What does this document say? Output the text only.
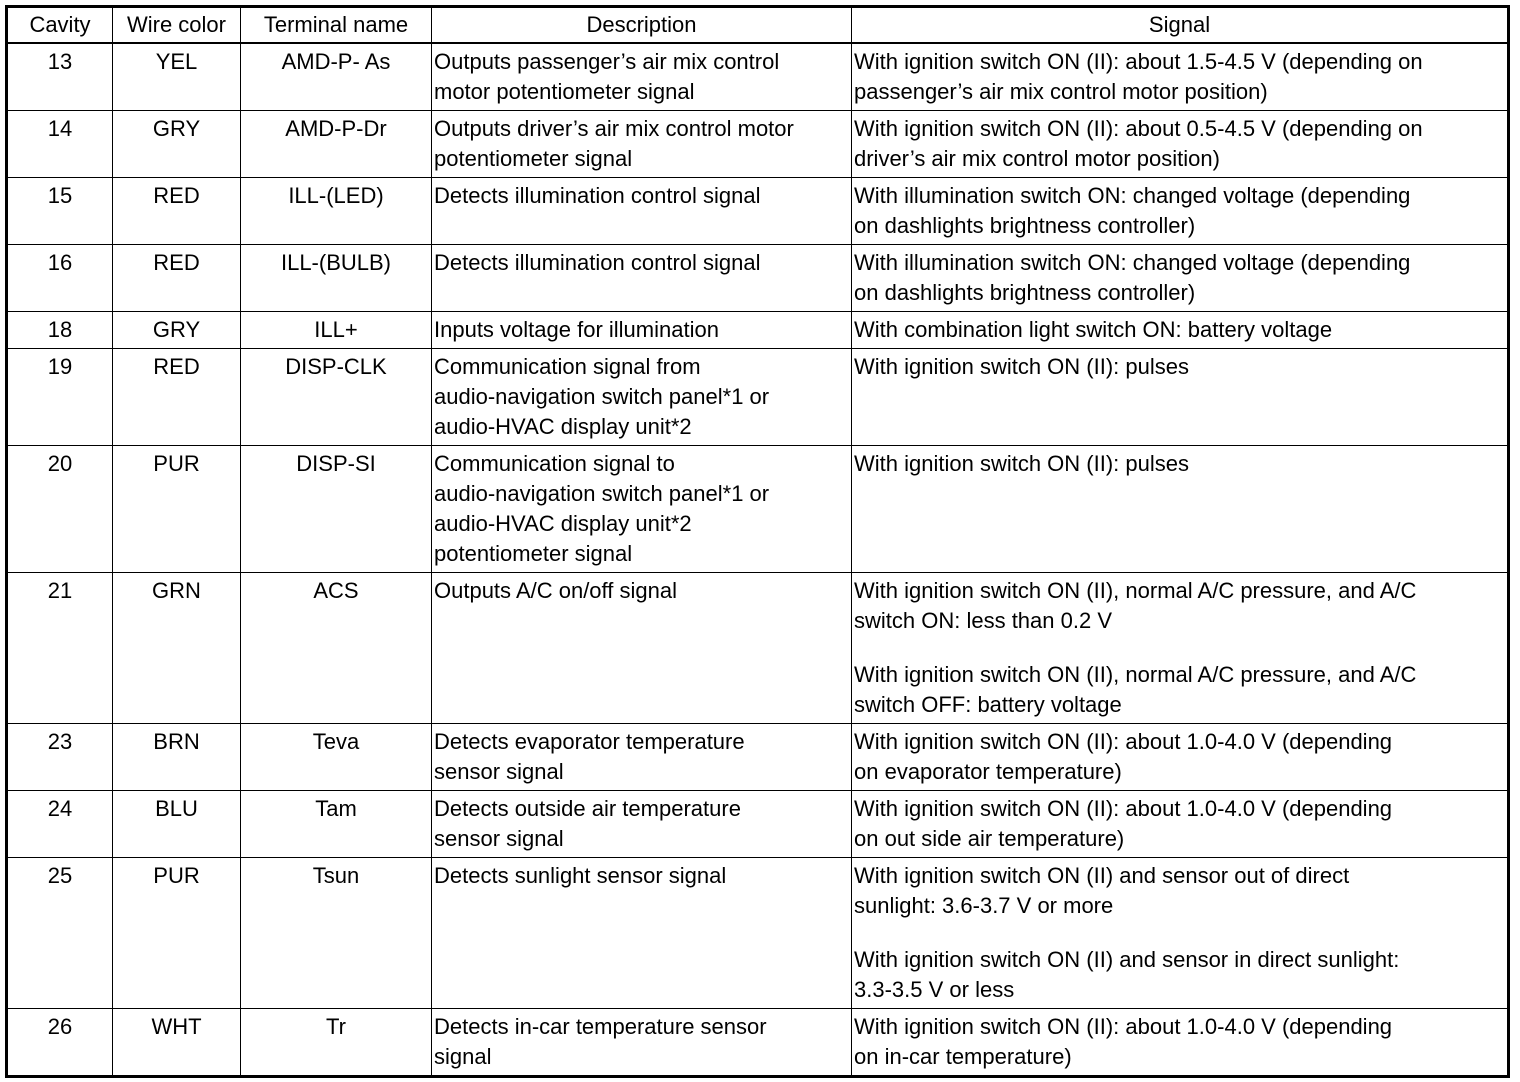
Cavity	Wire color	Terminal name	Description	Signal
13	YEL	AMD-P- As	Outputs passenger’s air mix control
motor potentiometer signal	With ignition switch ON (II): about 1.5-4.5 V (depending on
passenger’s air mix control motor position)

14	GRY	AMD-P-Dr	Outputs driver’s air mix control motor
potentiometer signal	With ignition switch ON (II): about 0.5-4.5 V (depending on
driver’s air mix control motor position)

15	RED	ILL-(LED)	Detects illumination control signal	With illumination switch ON: changed voltage (depending
on dashlights brightness controller)

16	RED	ILL-(BULB)	Detects illumination control signal	With illumination switch ON: changed voltage (depending
on dashlights brightness controller)

18	GRY	ILL+	Inputs voltage for illumination	With combination light switch ON: battery voltage

19	RED	DISP-CLK	Communication signal from
audio-navigation switch panel*1 or
audio-HVAC display unit*2	With ignition switch ON (II): pulses

20	PUR	DISP-SI	Communication signal to
audio-navigation switch panel*1 or
audio-HVAC display unit*2
potentiometer signal	With ignition switch ON (II): pulses

21	GRN	ACS	Outputs A/C on/off signal	With ignition switch ON (II), normal A/C pressure, and A/C
switch ON: less than 0.2 V
With ignition switch ON (II), normal A/C pressure, and A/C
switch OFF: battery voltage

23	BRN	Teva	Detects evaporator temperature
sensor signal	With ignition switch ON (II): about 1.0-4.0 V (depending
on evaporator temperature)

24	BLU	Tam	Detects outside air temperature
sensor signal	With ignition switch ON (II): about 1.0-4.0 V (depending
on out side air temperature)

25	PUR	Tsun	Detects sunlight sensor signal	With ignition switch ON (II) and sensor out of direct
sunlight: 3.6-3.7 V or more
With ignition switch ON (II) and sensor in direct sunlight:
3.3-3.5 V or less

26	WHT	Tr	Detects in-car temperature sensor
signal	With ignition switch ON (II): about 1.0-4.0 V (depending
on in-car temperature)
